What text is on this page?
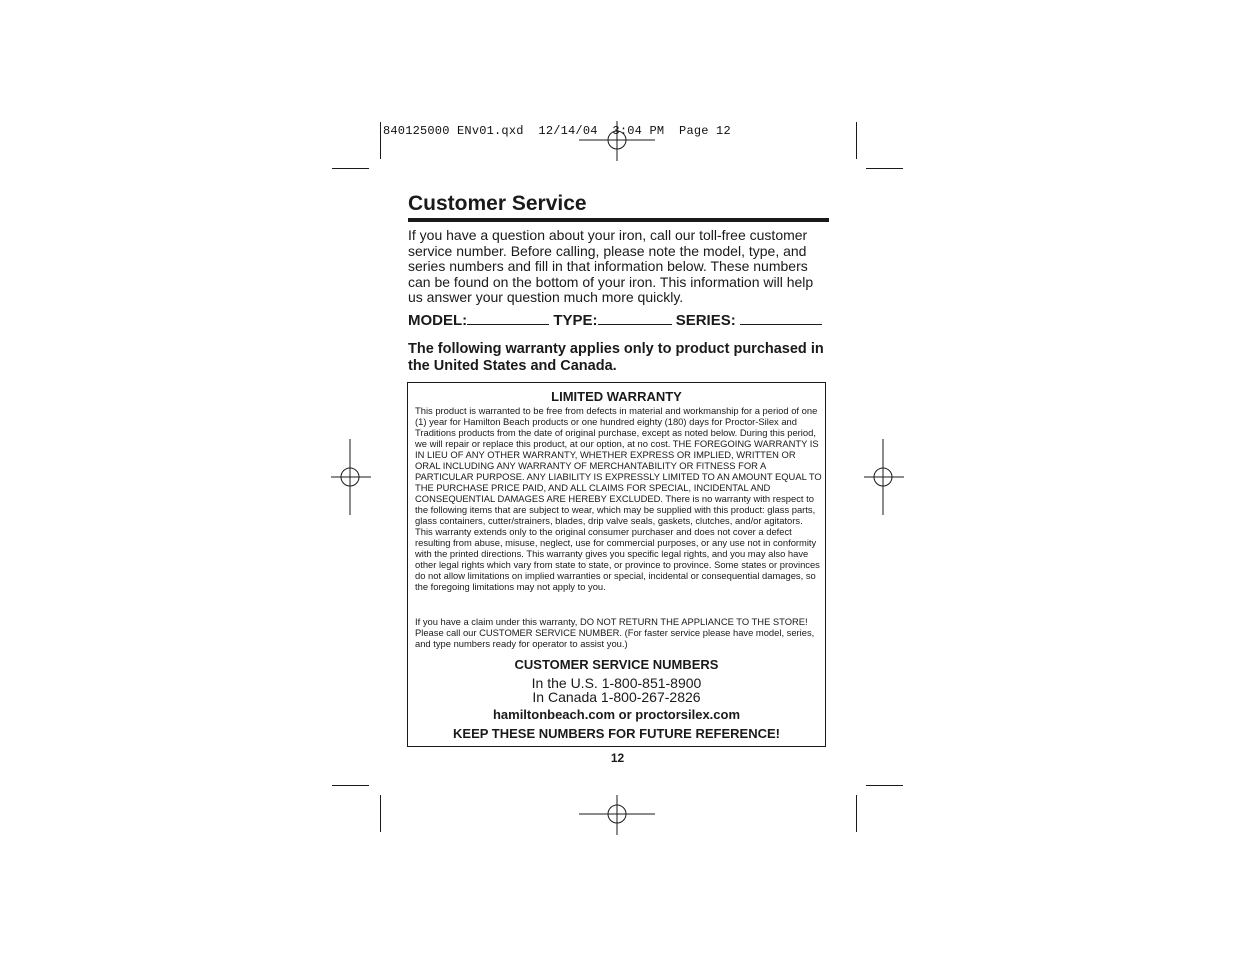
840125000 ENv01.qxd  12/14/04  3:04 PM  Page 12
Customer Service

If you have a question about your iron, call our toll-free customer service number. Before calling, please note the model, type, and series numbers and fill in that information below. These numbers can be found on the bottom of your iron. This information will help us answer your question much more quickly.

MODEL:	TYPE:	SERIES:

The following warranty applies only to product purchased in the United States and Canada.

LIMITED WARRANTY

This product is warranted to be free from defects in material and workmanship for a period of one (1) year for Hamilton Beach products or one hundred eighty (180) days for Proctor-Silex and Traditions products from the date of original purchase, except as noted below. During this period, we will repair or replace this product, at our option, at no cost. THE FOREGOING WARRANTY IS IN LIEU OF ANY OTHER WARRANTY, WHETHER EXPRESS OR IMPLIED, WRITTEN OR ORAL INCLUDING ANY WARRANTY OF MERCHANTABILITY OR FITNESS FOR A PARTICULAR PURPOSE. ANY LIABILITY IS EXPRESSLY LIMITED TO AN AMOUNT EQUAL TO THE PURCHASE PRICE PAID, AND ALL CLAIMS FOR SPECIAL, INCIDENTAL AND CONSEQUENTIAL DAMAGES ARE HEREBY EXCLUDED. There is no warranty with respect to the following items that are subject to wear, which may be supplied with this product: glass parts, glass containers, cutter/strainers, blades, drip valve seals, gaskets, clutches, and/or agitators. This warranty extends only to the original consumer purchaser and does not cover a defect resulting from abuse, misuse, neglect, use for commercial purposes, or any use not in conformity with the printed directions. This warranty gives you specific legal rights, and you may also have other legal rights which vary from state to state, or province to province. Some states or provinces do not allow limitations on implied warranties or special, incidental or consequential damages, so the foregoing limitations may not apply to you.

If you have a claim under this warranty, DO NOT RETURN THE APPLIANCE TO THE STORE! Please call our CUSTOMER SERVICE NUMBER. (For faster service please have model, series, and type numbers ready for operator to assist you.)

CUSTOMER SERVICE NUMBERS
In the U.S. 1-800-851-8900
In Canada 1-800-267-2826
hamiltonbeach.com or proctorsilex.com
KEEP THESE NUMBERS FOR FUTURE REFERENCE!
12
